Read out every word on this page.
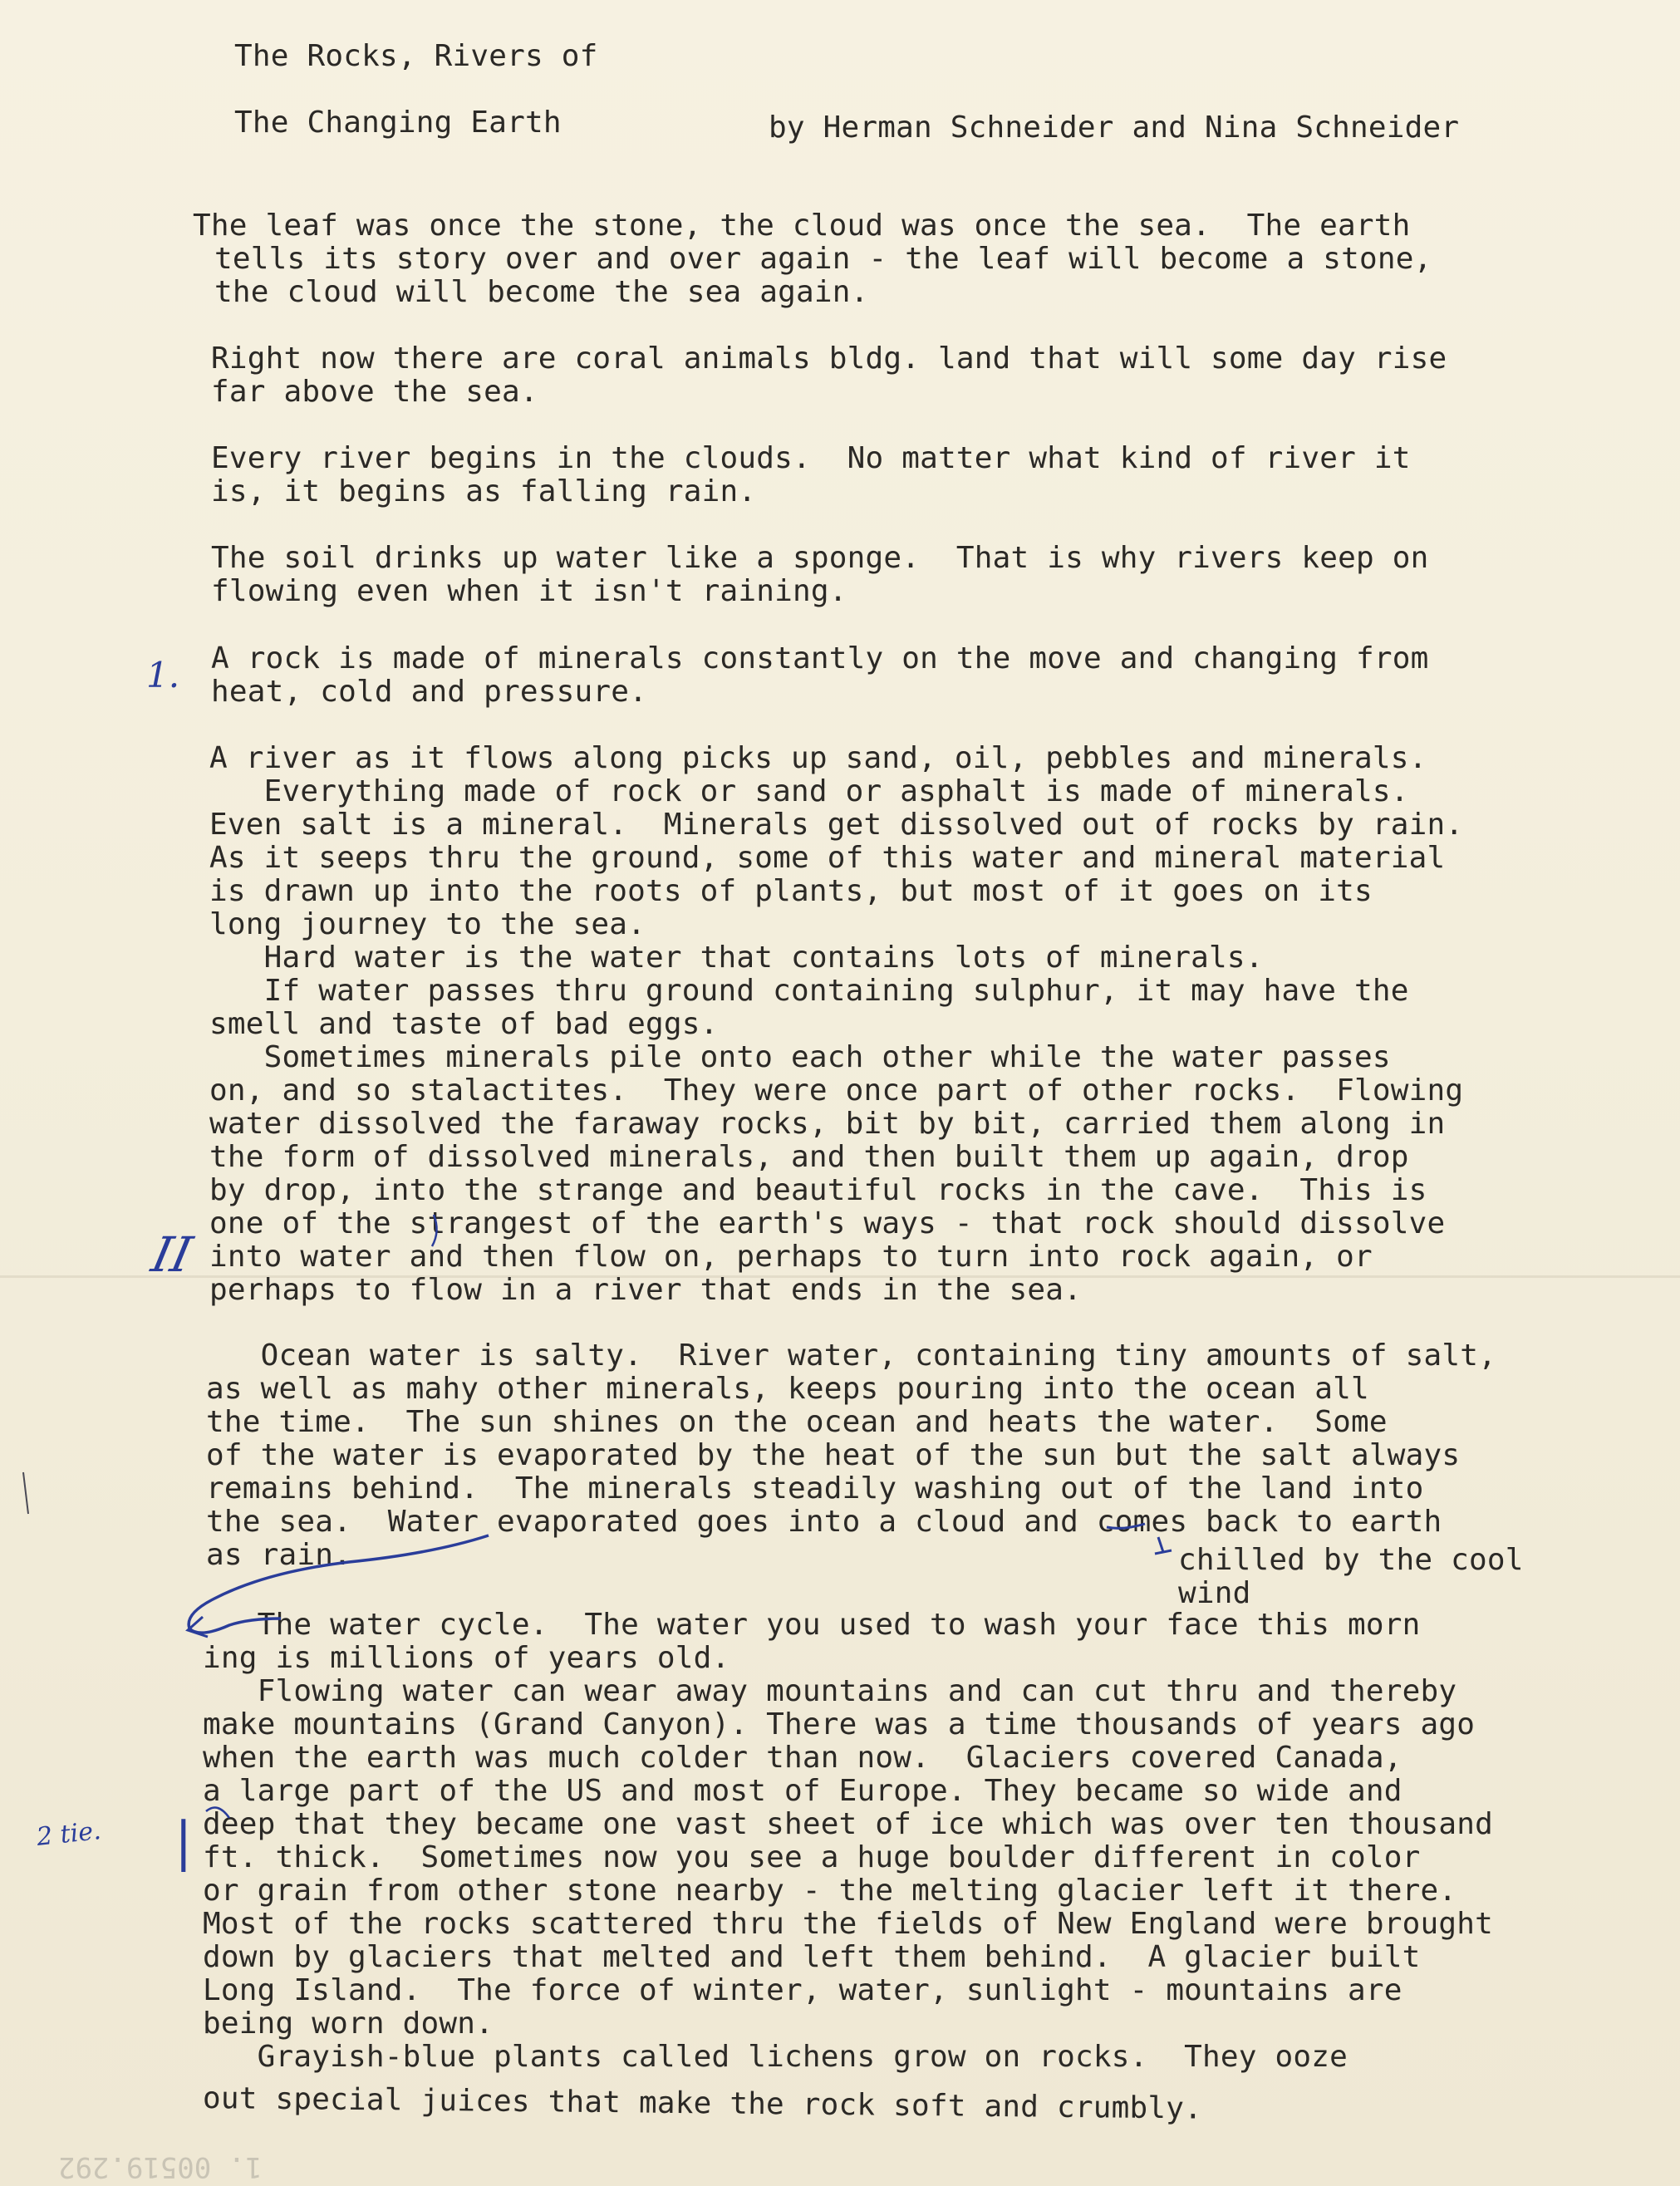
The Rocks, Rivers of
The Changing Earth	by Herman Schneider and Nina Schneider
The leaf was once the stone, the cloud was once the sea.  The earth
tells its story over and over again - the leaf will become a stone,
the cloud will become the sea again.
Right now there are coral animals bldg. land that will some day rise
far above the sea.
Every river begins in the clouds.  No matter what kind of river it
is, it begins as falling rain.
The soil drinks up water like a sponge.  That is why rivers keep on
flowing even when it isn't raining.
A rock is made of minerals constantly on the move and changing from
heat, cold and pressure.
A river as it flows along picks up sand, oil, pebbles and minerals.
Everything made of rock or sand or asphalt is made of minerals.
Even salt is a mineral.  Minerals get dissolved out of rocks by rain.
As it seeps thru the ground, some of this water and mineral material
is drawn up into the roots of plants, but most of it goes on its
long journey to the sea.
Hard water is the water that contains lots of minerals.
If water passes thru ground containing sulphur, it may have the
smell and taste of bad eggs.
Sometimes minerals pile onto each other while the water passes
on, and so stalactites.  They were once part of other rocks.  Flowing
water dissolved the faraway rocks, bit by bit, carried them along in
the form of dissolved minerals, and then built them up again, drop
by drop, into the strange and beautiful rocks in the cave.  This is
one of the strangest of the earth's ways - that rock should dissolve
into water and then flow on, perhaps to turn into rock again, or
perhaps to flow in a river that ends in the sea.
Ocean water is salty.  River water, containing tiny amounts of salt,
as well as mahy other minerals, keeps pouring into the ocean all
the time.  The sun shines on the ocean and heats the water.  Some
of the water is evaporated by the heat of the sun but the salt always
remains behind.  The minerals steadily washing out of the land into
the sea.  Water evaporated goes into a cloud and comes back to earth
as rain.	chilled by the cool
wind
The water cycle.  The water you used to wash your face this morn
ing is millions of years old.
Flowing water can wear away mountains and can cut thru and thereby
make mountains (Grand Canyon). There was a time thousands of years ago
when the earth was much colder than now.  Glaciers covered Canada,
a large part of the US and most of Europe. They became so wide and
deep that they became one vast sheet of ice which was over ten thousand
ft. thick.  Sometimes now you see a huge boulder different in color
or grain from other stone nearby - the melting glacier left it there.
Most of the rocks scattered thru the fields of New England were brought
down by glaciers that melted and left them behind.  A glacier built
Long Island.  The force of winter, water, sunlight - mountains are
being worn down.
Grayish-blue plants called lichens grow on rocks.  They ooze
out special juices that make the rock soft and crumbly.
1.
II
2 tie. |
1. 00519.292
